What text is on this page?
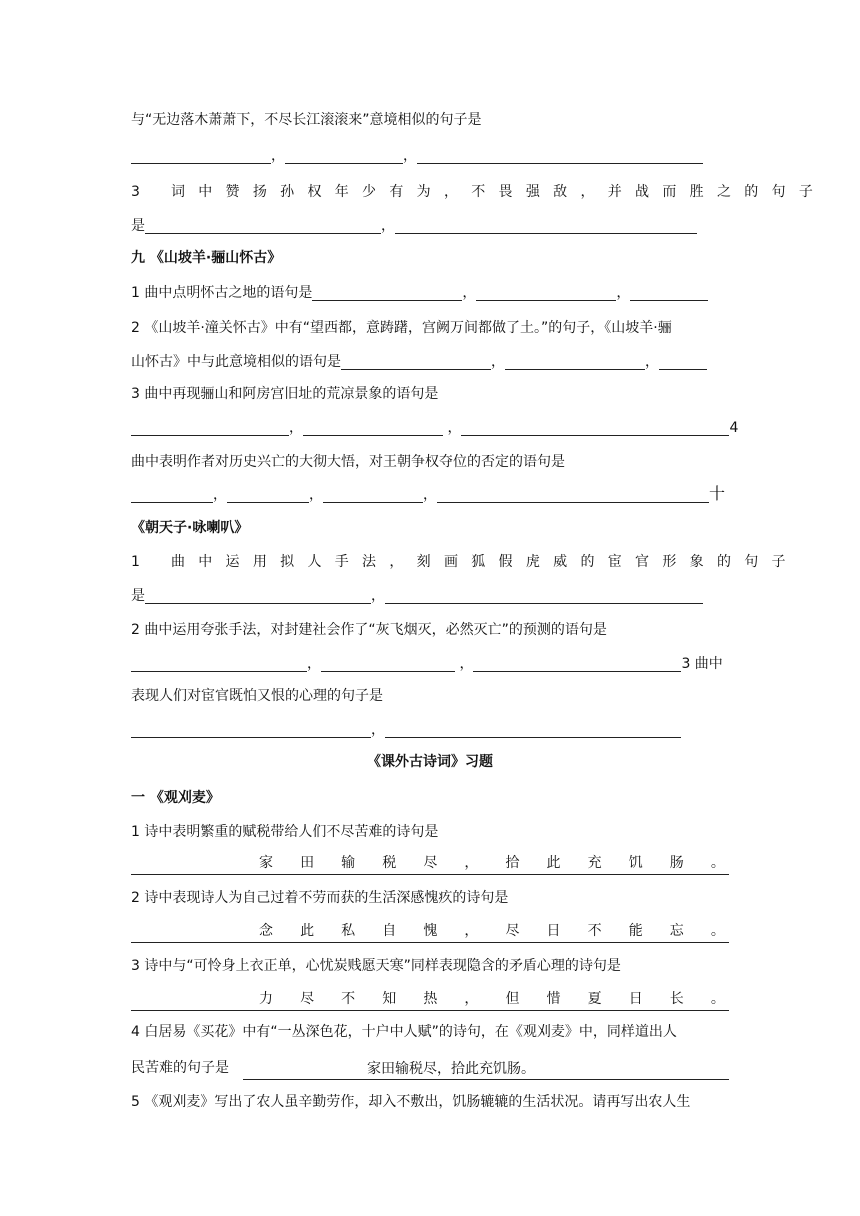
与“无边落木萧萧下，不尽长江滚滚来”意境相似的句子是
，	，
3 词中赞扬孙权年少有为，不畏强敌，并战而胜之的句子
是	，
九 《山坡羊·骊山怀古》
1 曲中点明怀古之地的语句是	，	，
2 《山坡羊·潼关怀古》中有“望西都，意踌躇，宫阙万间都做了土。”的句子，《山坡羊·骊
山怀古》中与此意境相似的语句是	，	，
3 曲中再现骊山和阿房宫旧址的荒凉景象的语句是
，	，	4
曲中表明作者对历史兴亡的大彻大悟，对王朝争权夺位的否定的语句是
，	，	，	十
《朝天子·咏喇叭》
1 曲中运用拟人手法，刻画狐假虎威的宦官形象的句子
是	，
2 曲中运用夸张手法，对封建社会作了“灰飞烟灭，必然灭亡”的预测的语句是
，	，	3 曲中
表现人们对宦官既怕又恨的心理的句子是
，
《课外古诗词》习题
一 《观刈麦》
1 诗中表明繁重的赋税带给人们不尽苦难的诗句是
家 田 输 税 尽 ， 拾 此 充 饥 肠 。
2 诗中表现诗人为自己过着不劳而获的生活深感愧疚的诗句是
念 此 私 自 愧 ， 尽 日 不 能 忘 。
3 诗中与“可怜身上衣正单，心忧炭贱愿天寒”同样表现隐含的矛盾心理的诗句是
力 尽 不 知 热 ， 但 惜 夏 日 长 。
4 白居易《买花》中有“一丛深色花，十户中人赋”的诗句，在《观刈麦》中，同样道出人
民苦难的句子是	家田输税尽，拾此充饥肠。
5 《观刈麦》写出了农人虽辛勤劳作，却入不敷出，饥肠辘辘的生活状况。请再写出农人生
